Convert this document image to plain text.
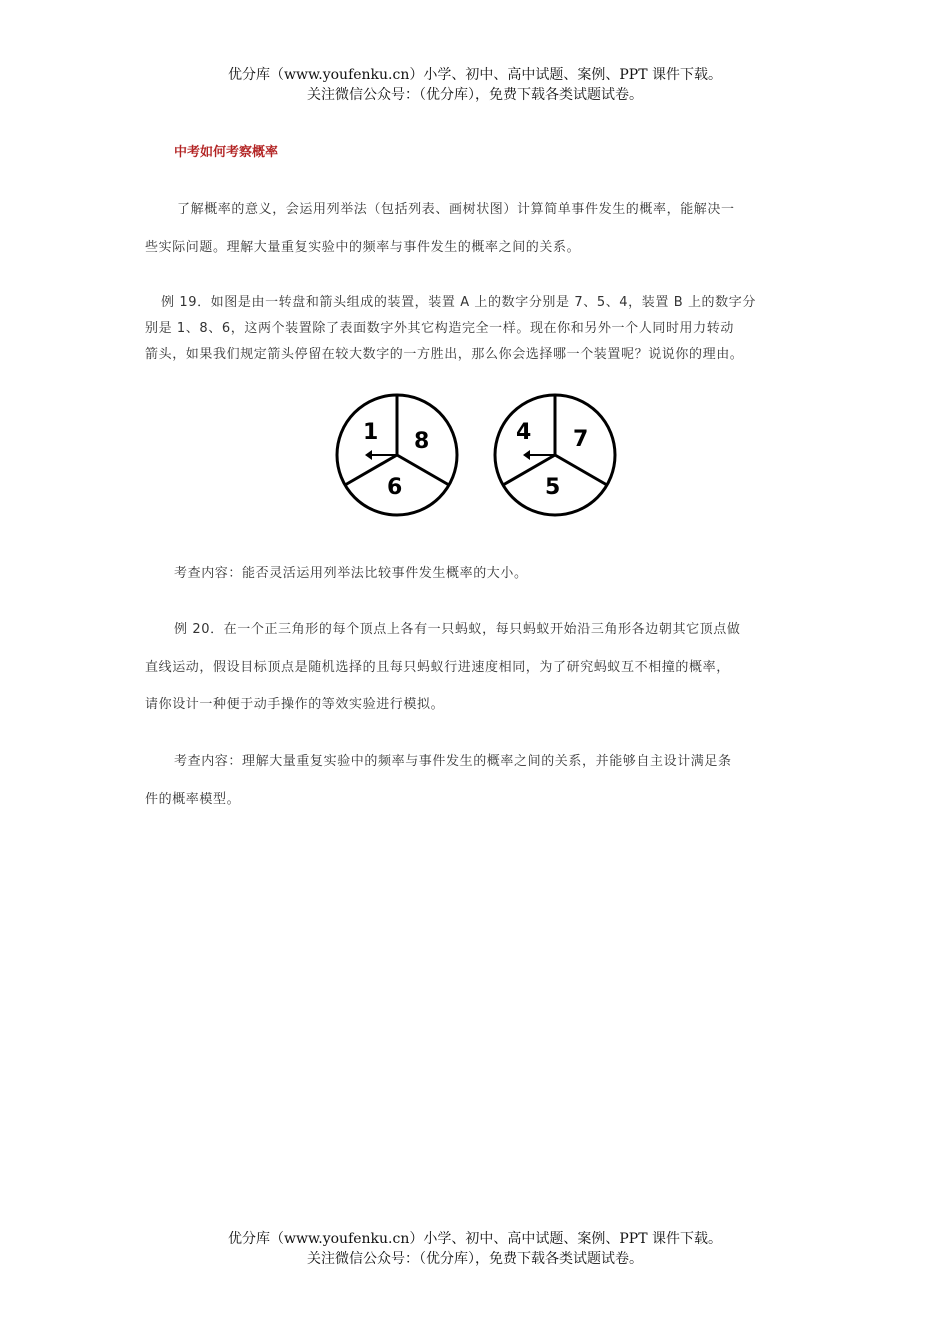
优分库（www.youfenku.cn）小学、初中、高中试题、案例、PPT 课件下载。
关注微信公众号：（优分库），免费下载各类试题试卷。
中考如何考察概率
了解概率的意义，会运用列举法（包括列表、画树状图）计算简单事件发生的概率，能解决一
些实际问题。理解大量重复实验中的频率与事件发生的概率之间的关系。
例 19．如图是由一转盘和箭头组成的装置，装置 A 上的数字分别是 7、5、4，装置 B 上的数字分
别是 1、8、6，这两个装置除了表面数字外其它构造完全一样。现在你和另外一个人同时用力转动
箭头，如果我们规定箭头停留在较大数字的一方胜出，那么你会选择哪一个装置呢？说说你的理由。
1 8
6
4 7
5
考查内容：能否灵活运用列举法比较事件发生概率的大小。
例 20．在一个正三角形的每个顶点上各有一只蚂蚁，每只蚂蚁开始沿三角形各边朝其它顶点做
直线运动，假设目标顶点是随机选择的且每只蚂蚁行进速度相同，为了研究蚂蚁互不相撞的概率，
请你设计一种便于动手操作的等效实验进行模拟。
考查内容：理解大量重复实验中的频率与事件发生的概率之间的关系，并能够自主设计满足条
件的概率模型。
优分库（www.youfenku.cn）小学、初中、高中试题、案例、PPT 课件下载。
关注微信公众号：（优分库），免费下载各类试题试卷。
